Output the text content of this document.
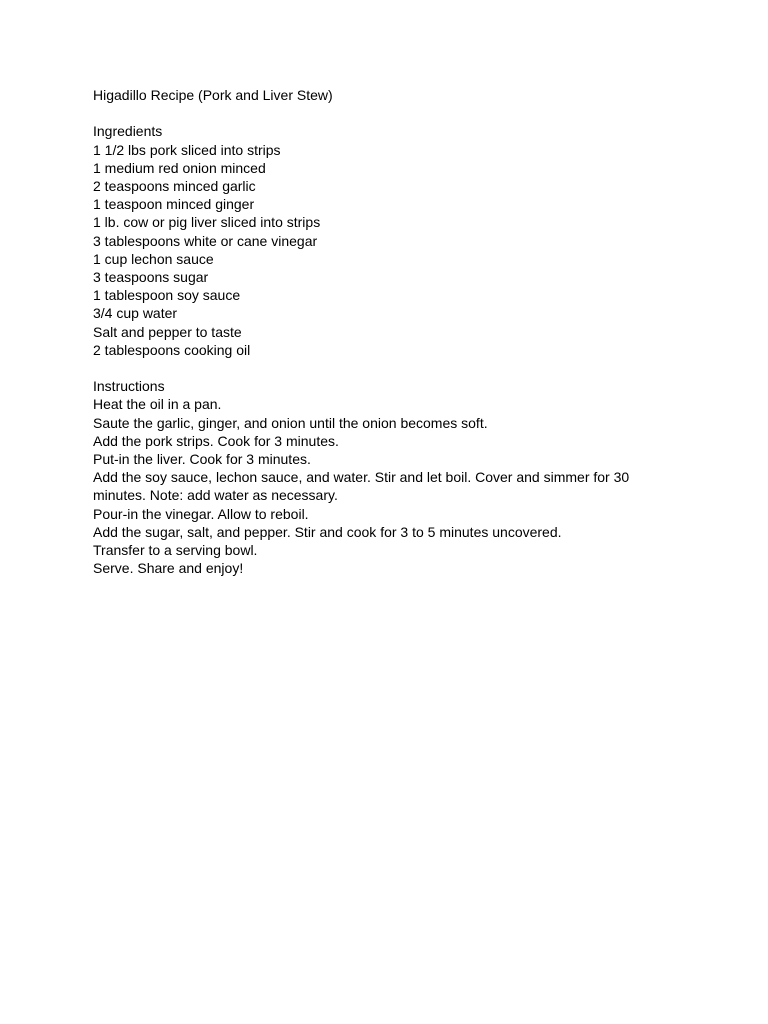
Higadillo Recipe (Pork and Liver Stew)
Ingredients
1 1/2 lbs pork sliced into strips
1 medium red onion minced
2 teaspoons minced garlic
1 teaspoon minced ginger
1 lb. cow or pig liver sliced into strips
3 tablespoons white or cane vinegar
1 cup lechon sauce
3 teaspoons sugar
1 tablespoon soy sauce
3/4 cup water
Salt and pepper to taste
2 tablespoons cooking oil
Instructions
Heat the oil in a pan.
Saute the garlic, ginger, and onion until the onion becomes soft.
Add the pork strips. Cook for 3 minutes.
Put-in the liver. Cook for 3 minutes.
Add the soy sauce, lechon sauce, and water. Stir and let boil. Cover and simmer for 30 minutes. Note: add water as necessary.
Pour-in the vinegar. Allow to reboil.
Add the sugar, salt, and pepper. Stir and cook for 3 to 5 minutes uncovered.
Transfer to a serving bowl.
Serve. Share and enjoy!
